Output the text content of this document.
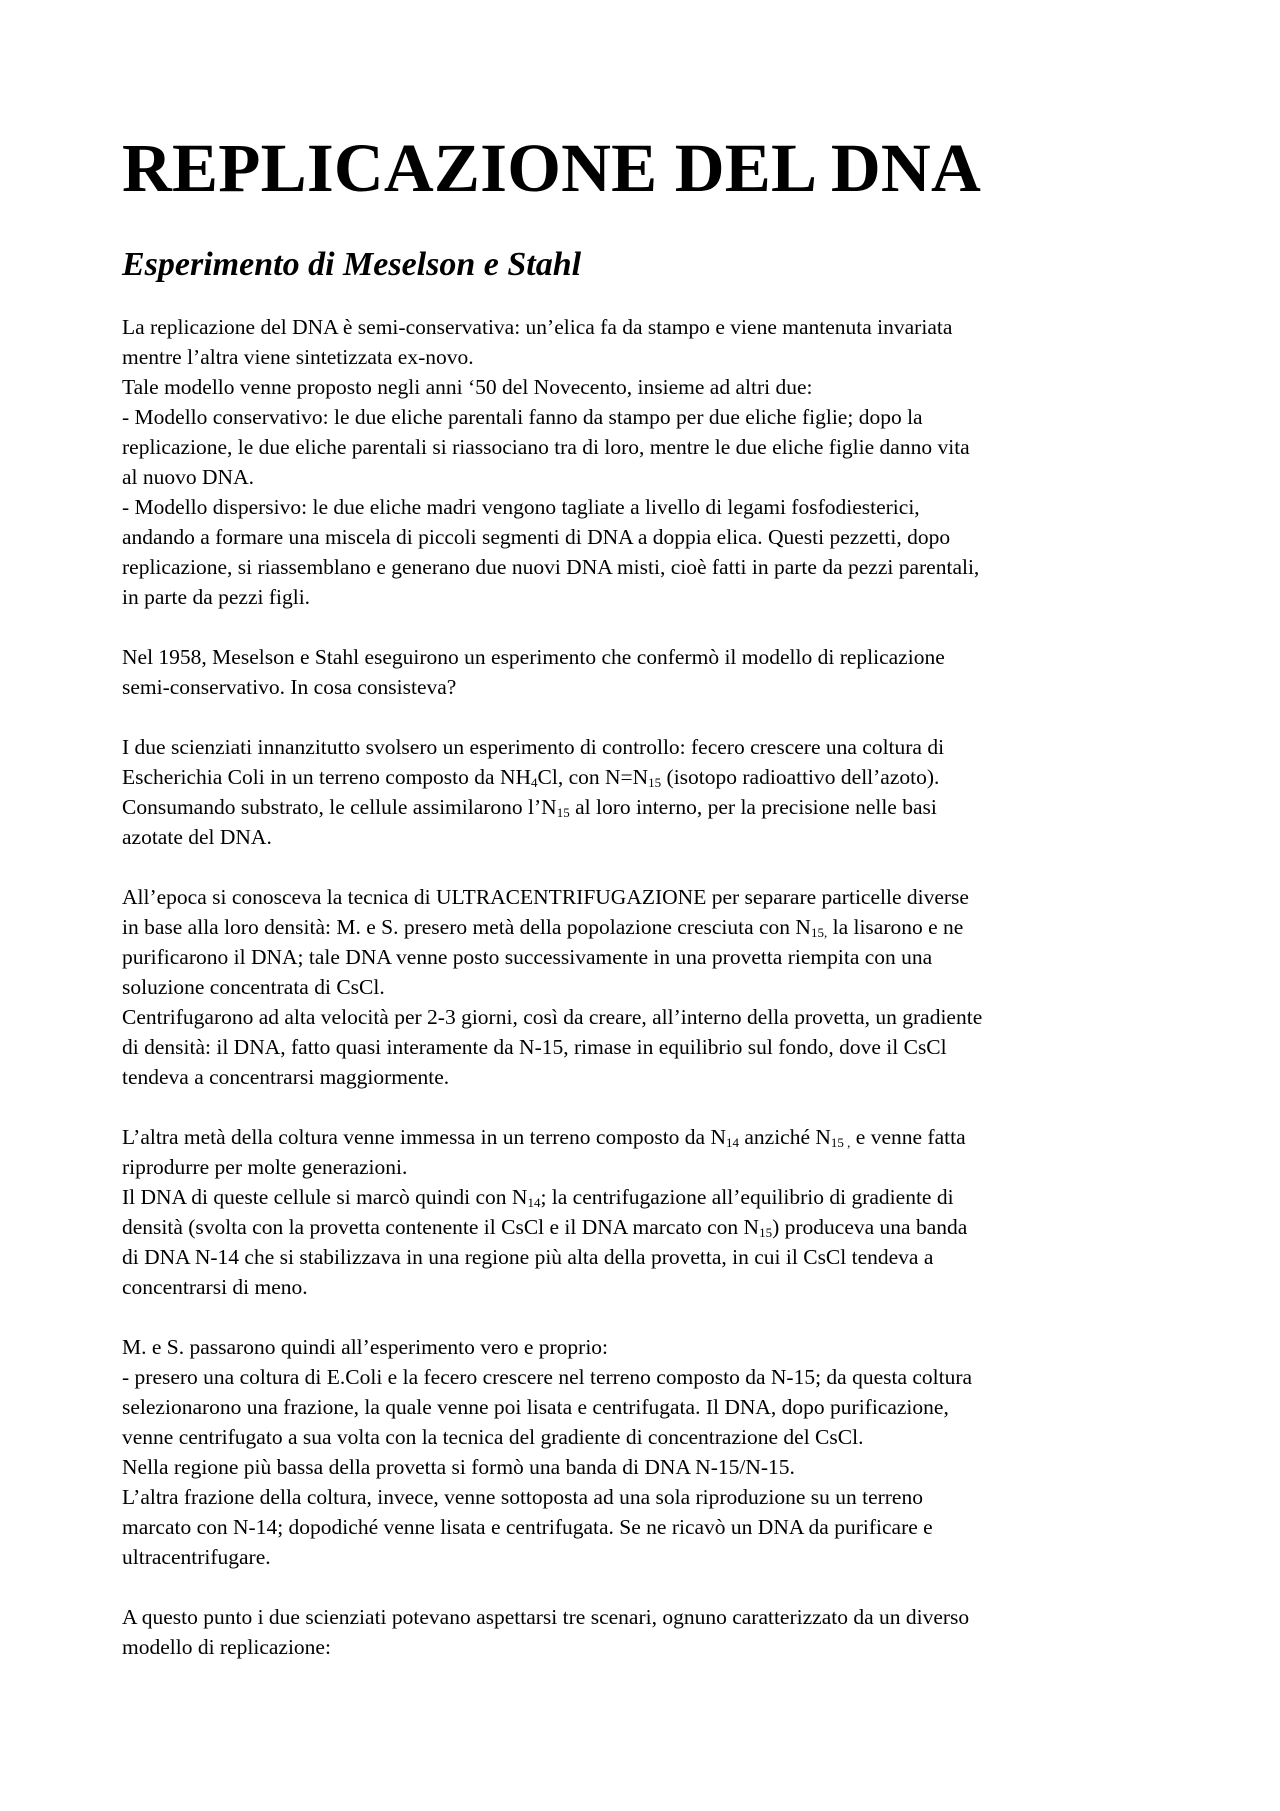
REPLICAZIONE DEL DNA
Esperimento di Meselson e Stahl
La replicazione del DNA è semi-conservativa: un’elica fa da stampo e viene mantenuta invariata
mentre l’altra viene sintetizzata ex-novo.
Tale modello venne proposto negli anni ‘50 del Novecento, insieme ad altri due:
- Modello conservativo: le due eliche parentali fanno da stampo per due eliche figlie; dopo la
replicazione, le due eliche parentali si riassociano tra di loro, mentre le due eliche figlie danno vita
al nuovo DNA.
- Modello dispersivo: le due eliche madri vengono tagliate a livello di legami fosfodiesterici,
andando a formare una miscela di piccoli segmenti di DNA a doppia elica. Questi pezzetti, dopo
replicazione, si riassemblano e generano due nuovi DNA misti, cioè fatti in parte da pezzi parentali,
in parte da pezzi figli.
Nel 1958, Meselson e Stahl eseguirono un esperimento che confermò il modello di replicazione
semi-conservativo. In cosa consisteva?
I due scienziati innanzitutto svolsero un esperimento di controllo: fecero crescere una coltura di
Escherichia Coli in un terreno composto da $NH_4Cl$, con $N=N_{15}$ (isotopo radioattivo dell’azoto).
Consumando substrato, le cellule assimilarono $l’N_{15}$ al loro interno, per la precisione nelle basi
azotate del DNA.
All’epoca si conosceva la tecnica di ULTRACENTRIFUGAZIONE per separare particelle diverse
in base alla loro densità: M. e S. presero metà della popolazione cresciuta con $N_{15,}$ la lisarono e ne
purificarono il DNA; tale DNA venne posto successivamente in una provetta riempita con una
soluzione concentrata di CsCl.
Centrifugarono ad alta velocità per 2-3 giorni, così da creare, all’interno della provetta, un gradiente
di densità: il DNA, fatto quasi interamente da N-15, rimase in equilibrio sul fondo, dove il CsCl
tendeva a concentrarsi maggiormente.
L’altra metà della coltura venne immessa in un terreno composto da $N_{14}$ anziché $N_{15 ,}$ e venne fatta
riprodurre per molte generazioni.
Il DNA di queste cellule si marcò quindi con $N_{14}$; la centrifugazione all’equilibrio di gradiente di
densità (svolta con la provetta contenente il CsCl e il DNA marcato con $N_{15}$) produceva una banda
di DNA N-14 che si stabilizzava in una regione più alta della provetta, in cui il CsCl tendeva a
concentrarsi di meno.
M. e S. passarono quindi all’esperimento vero e proprio:
- presero una coltura di E.Coli e la fecero crescere nel terreno composto da N-15; da questa coltura
selezionarono una frazione, la quale venne poi lisata e centrifugata. Il DNA, dopo purificazione,
venne centrifugato a sua volta con la tecnica del gradiente di concentrazione del CsCl.
Nella regione più bassa della provetta si formò una banda di DNA N-15/N-15.
L’altra frazione della coltura, invece, venne sottoposta ad una sola riproduzione su un terreno
marcato con N-14; dopodiché venne lisata e centrifugata. Se ne ricavò un DNA da purificare e
ultracentrifugare.
A questo punto i due scienziati potevano aspettarsi tre scenari, ognuno caratterizzato da un diverso
modello di replicazione:
